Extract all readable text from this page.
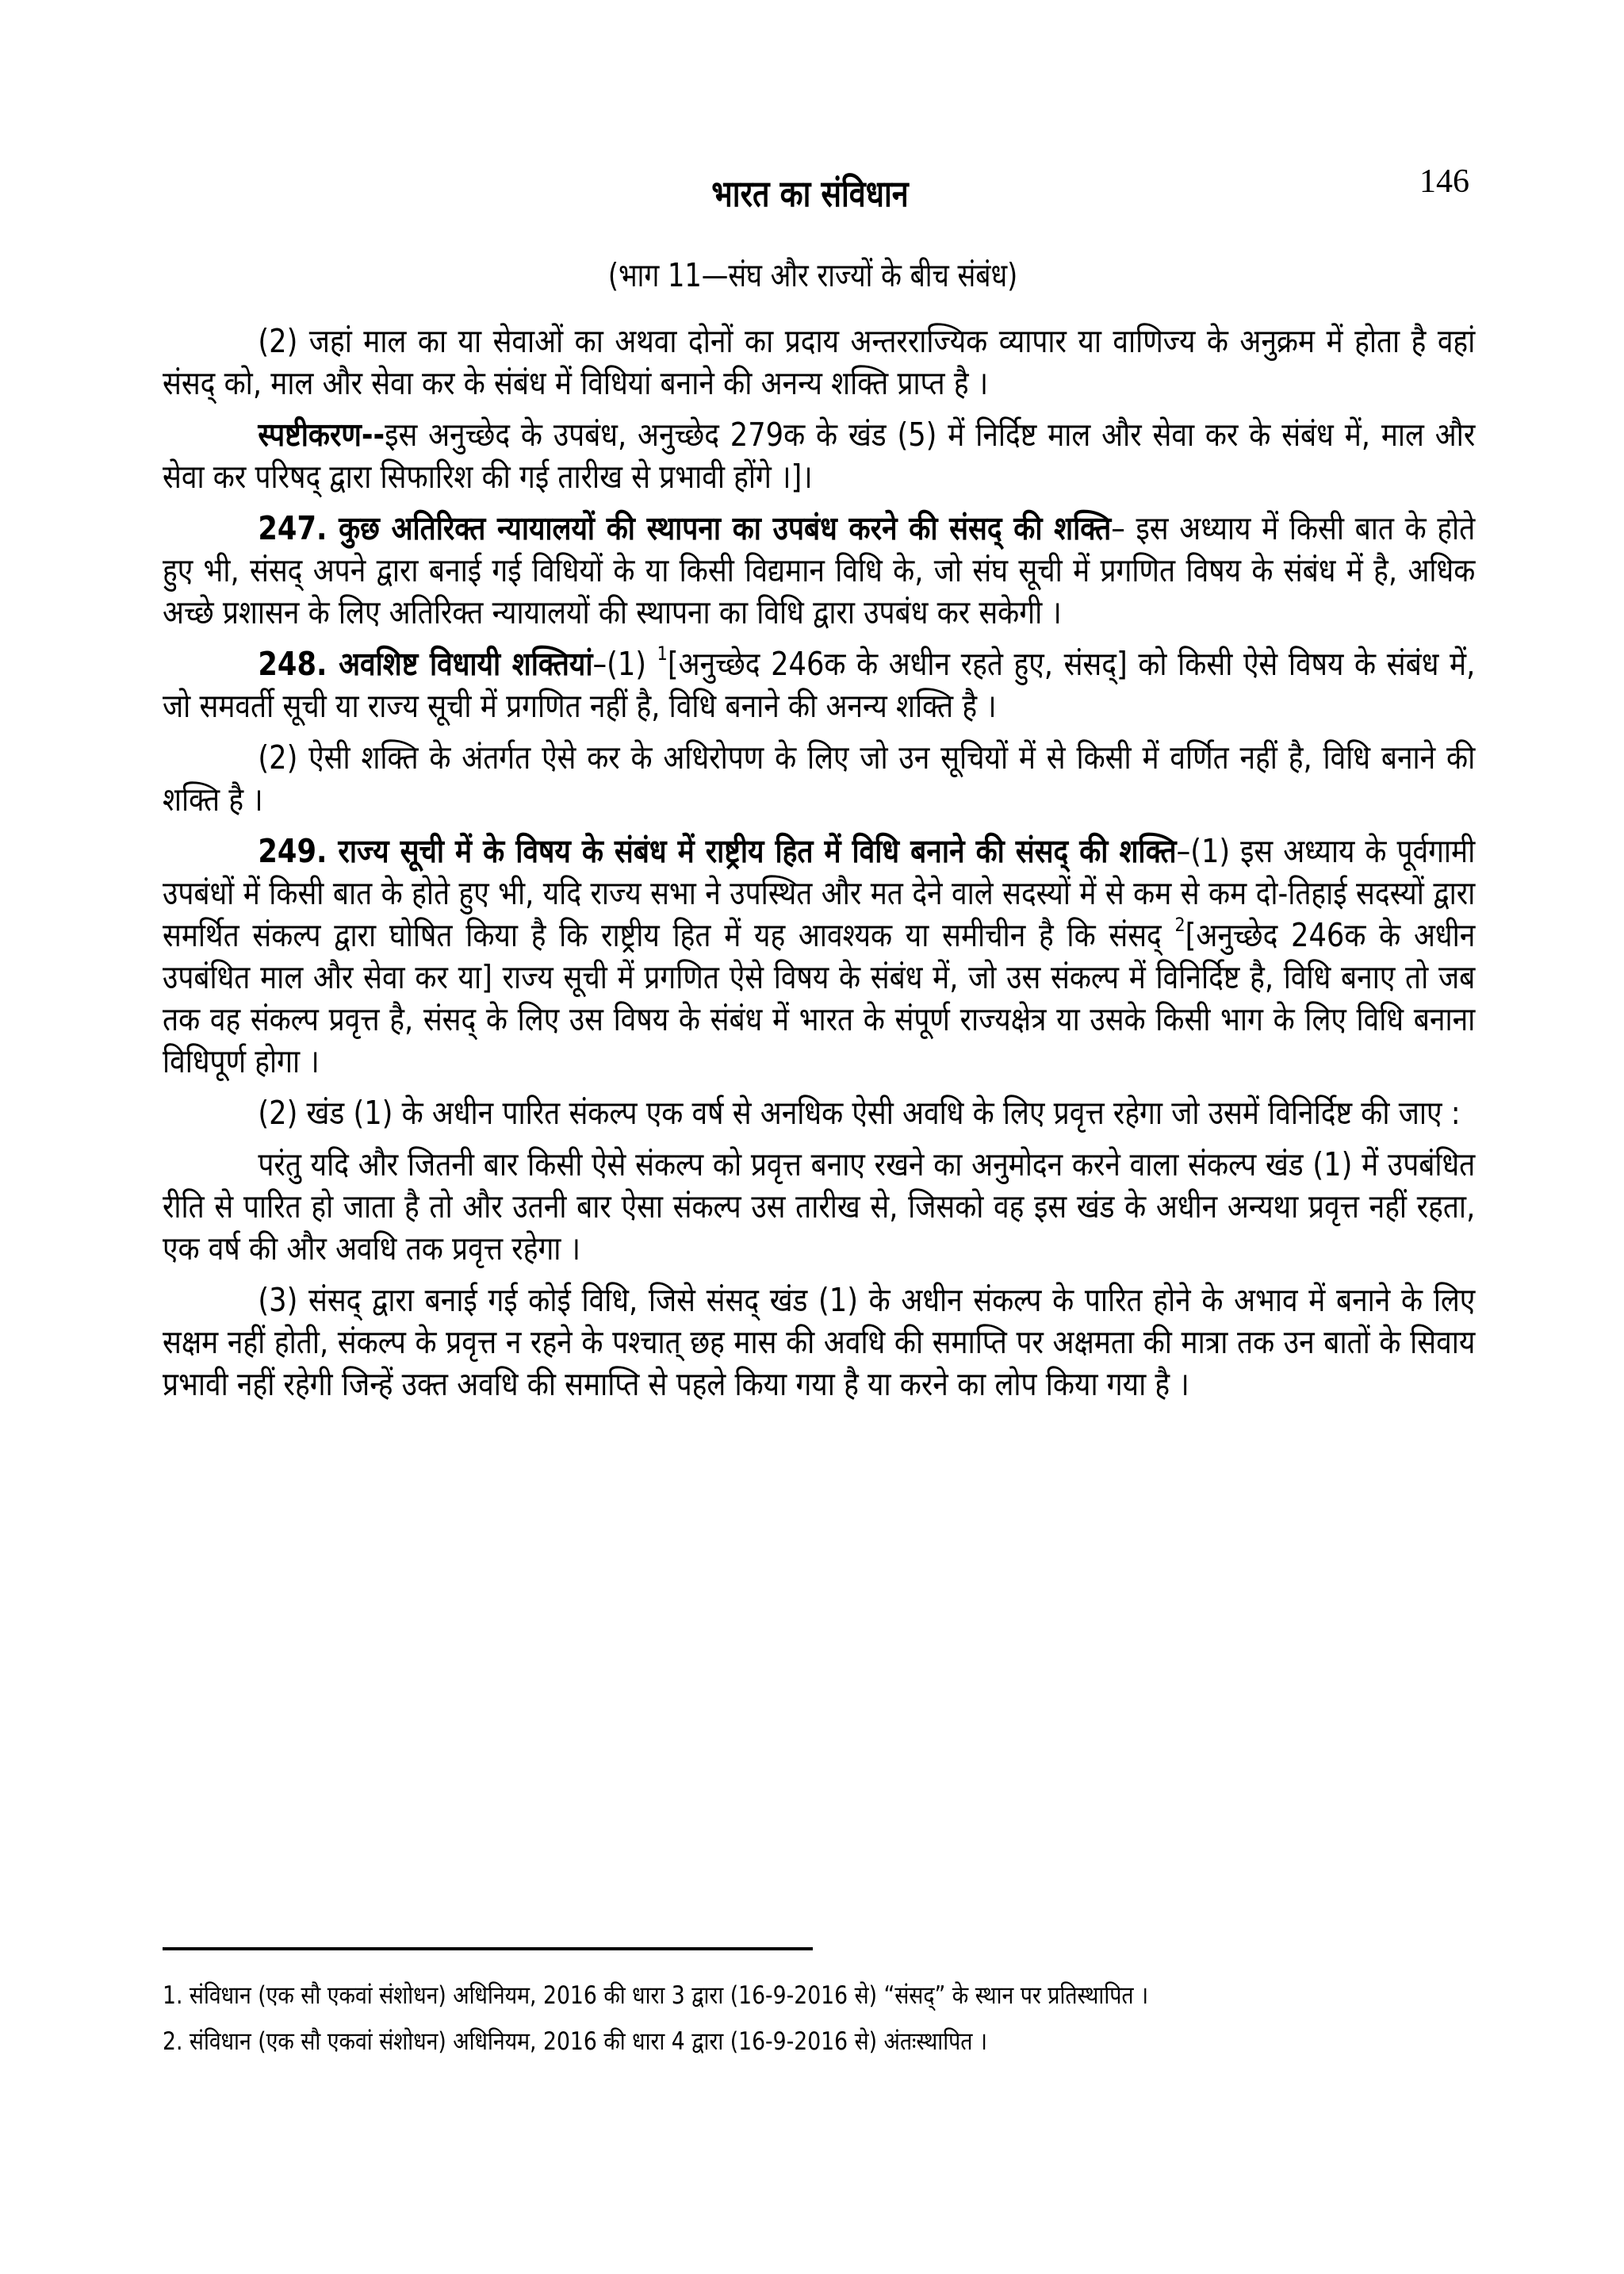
146
भारत का संविधान
(भाग 11—संघ और राज्यों के बीच संबंध)

(2) जहां माल का या सेवाओं का अथवा दोनों का प्रदाय अन्तरराज्यिक व्यापार या वाणिज्य के अनुक्रम में होता है वहां संसद् को, माल और सेवा कर के संबंध में विधियां बनाने की अनन्य शक्ति प्राप्त है ।

स्पष्टीकरण--इस अनुच्छेद के उपबंध, अनुच्छेद 279क के खंड (5) में निर्दिष्ट माल और सेवा कर के संबंध में, माल और सेवा कर परिषद् द्वारा सिफारिश की गई तारीख से प्रभावी होंगे ।]।

247. कुछ अतिरिक्त न्यायालयों की स्थापना का उपबंध करने की संसद् की शक्ति– इस अध्याय में किसी बात के होते हुए भी, संसद् अपने द्वारा बनाई गई विधियों के या किसी विद्यमान विधि के, जो संघ सूची में प्रगणित विषय के संबंध में है, अधिक अच्छे प्रशासन के लिए अतिरिक्त न्यायालयों की स्थापना का विधि द्वारा उपबंध कर सकेगी ।

248. अवशिष्ट विधायी शक्तियां–(1) $^1$[अनुच्छेद 246क के अधीन रहते हुए, संसद्] को किसी ऐसे विषय के संबंध में, जो समवर्ती सूची या राज्य सूची में प्रगणित नहीं है, विधि बनाने की अनन्य शक्ति है ।

(2) ऐसी शक्ति के अंतर्गत ऐसे कर के अधिरोपण के लिए जो उन सूचियों में से किसी में वर्णित नहीं है, विधि बनाने की शक्ति है ।

249. राज्य सूची में के विषय के संबंध में राष्ट्रीय हित में विधि बनाने की संसद् की शक्ति–(1) इस अध्याय के पूर्वगामी उपबंधों में किसी बात के होते हुए भी, यदि राज्य सभा ने उपस्थित और मत देने वाले सदस्यों में से कम से कम दो-तिहाई सदस्यों द्वारा समर्थित संकल्प द्वारा घोषित किया है कि राष्ट्रीय हित में यह आवश्यक या समीचीन है कि संसद् $^2$[अनुच्छेद 246क के अधीन उपबंधित माल और सेवा कर या] राज्य सूची में प्रगणित ऐसे विषय के संबंध में, जो उस संकल्प में विनिर्दिष्ट है, विधि बनाए तो जब तक वह संकल्प प्रवृत्त है, संसद् के लिए उस विषय के संबंध में भारत के संपूर्ण राज्यक्षेत्र या उसके किसी भाग के लिए विधि बनाना विधिपूर्ण होगा ।

(2) खंड (1) के अधीन पारित संकल्प एक वर्ष से अनधिक ऐसी अवधि के लिए प्रवृत्त रहेगा जो उसमें विनिर्दिष्ट की जाए :

परंतु यदि और जितनी बार किसी ऐसे संकल्प को प्रवृत्त बनाए रखने का अनुमोदन करने वाला संकल्प खंड (1) में उपबंधित रीति से पारित हो जाता है तो और उतनी बार ऐसा संकल्प उस तारीख से, जिसको वह इस खंड के अधीन अन्यथा प्रवृत्त नहीं रहता, एक वर्ष की और अवधि तक प्रवृत्त रहेगा ।

(3) संसद् द्वारा बनाई गई कोई विधि, जिसे संसद् खंड (1) के अधीन संकल्प के पारित होने के अभाव में बनाने के लिए सक्षम नहीं होती, संकल्प के प्रवृत्त न रहने के पश्चात् छह मास की अवधि की समाप्ति पर अक्षमता की मात्रा तक उन बातों के सिवाय प्रभावी नहीं रहेगी जिन्हें उक्त अवधि की समाप्ति से पहले किया गया है या करने का लोप किया गया है ।

1. संविधान (एक सौ एकवां संशोधन) अधिनियम, 2016 की धारा 3 द्वारा (16-9-2016 से) “संसद्” के स्थान पर प्रतिस्थापित ।

2. संविधान (एक सौ एकवां संशोधन) अधिनियम, 2016 की धारा 4 द्वारा (16-9-2016 से) अंतःस्थापित ।
